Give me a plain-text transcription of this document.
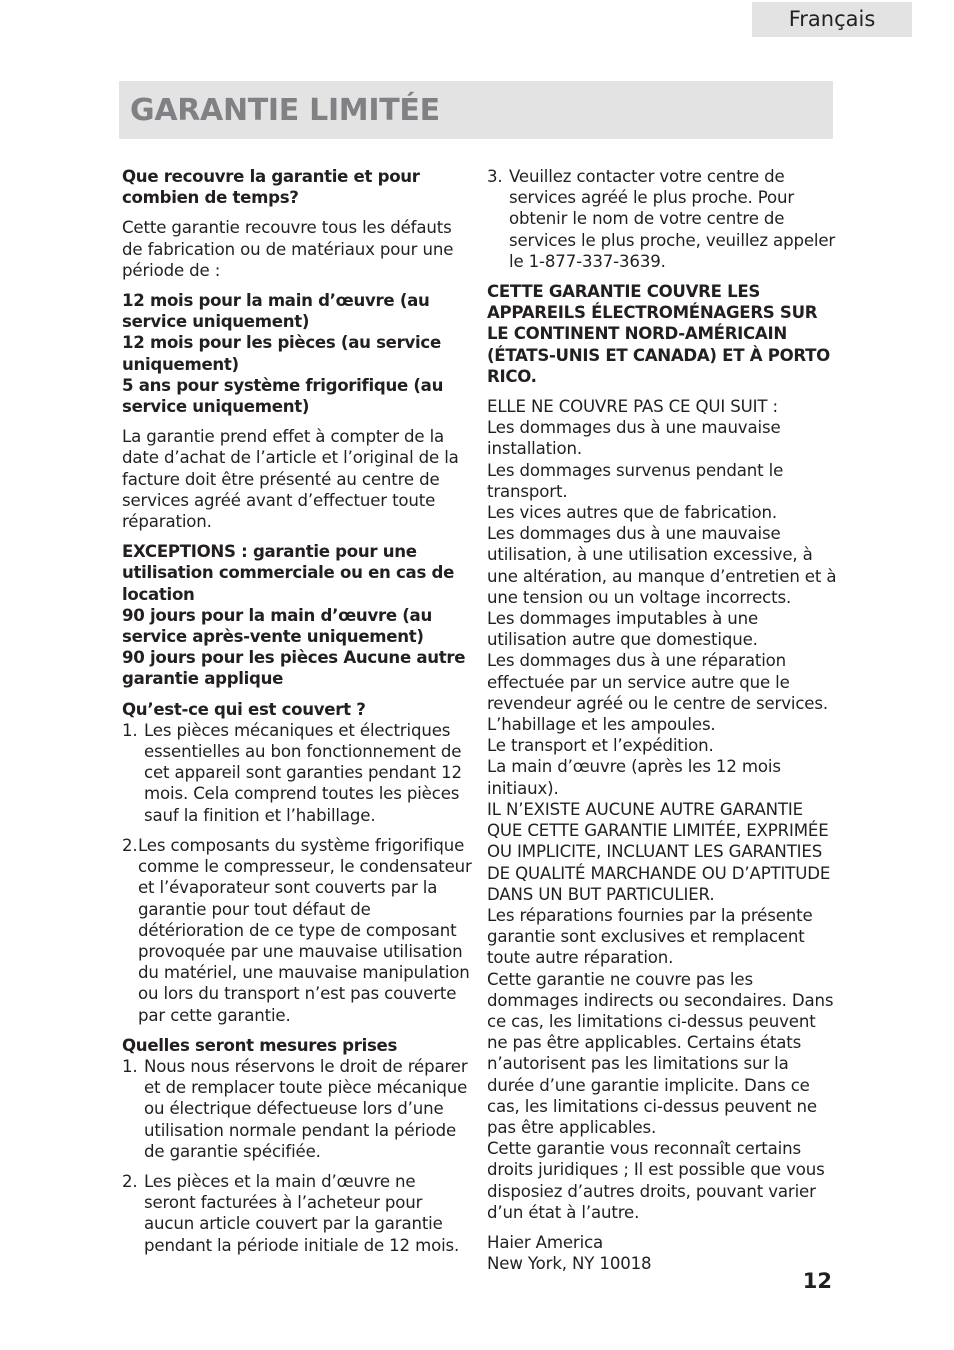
Français
GARANTIE LIMITÉE

Que recouvre la garantie et pour combien de temps?

Cette garantie recouvre tous les défauts de fabrication ou de matériaux pour une période de :

12 mois pour la main d’œuvre (au service uniquement)
12 mois pour les pièces (au service uniquement)
5 ans pour système frigorifique (au service uniquement)

La garantie prend effet à compter de la date d’achat de l’article et l’original de la facture doit être présenté au centre de services agréé avant d’effectuer toute réparation.

EXCEPTIONS : garantie pour une utilisation commerciale ou en cas de location
90 jours pour la main d’œuvre (au service après-vente uniquement)
90 jours pour les pièces Aucune autre
garantie applique

Qu’est-ce qui est couvert ?

1. Les pièces mécaniques et électriques essentielles au bon fonctionnement de cet appareil sont garanties pendant 12 mois. Cela comprend toutes les pièces sauf la finition et l’habillage.
2. Les composants du système frigorifique comme le compresseur, le condensateur et l’évaporateur sont couverts par la garantie pour tout défaut de détérioration de ce type de composant provoquée par une mauvaise utilisation du matériel, une mauvaise manipulation ou lors du transport n’est pas couverte par cette garantie.

Quelles seront mesures prises

1. Nous nous réservons le droit de réparer et de remplacer toute pièce mécanique ou électrique défectueuse lors d’une utilisation normale pendant la période de garantie spécifiée.
2. Les pièces et la main d’œuvre ne seront facturées à l’acheteur pour aucun article couvert par la garantie pendant la période initiale de 12 mois.
3. Veuillez contacter votre centre de services agréé le plus proche. Pour obtenir le nom de votre centre de services le plus proche, veuillez appeler le 1-877-337-3639.

CETTE GARANTIE COUVRE LES APPAREILS ÉLECTROMÉNAGERS SUR LE CONTINENT NORD-AMÉRICAIN (ÉTATS-UNIS ET CANADA) ET À PORTO RICO.

ELLE NE COUVRE PAS CE QUI SUIT :
Les dommages dus à une mauvaise installation.
Les dommages survenus pendant le transport.
Les vices autres que de fabrication.
Les dommages dus à une mauvaise utilisation, à une utilisation excessive, à une altération, au manque d’entretien et à une tension ou un voltage incorrects.
Les dommages imputables à une utilisation autre que domestique.
Les dommages dus à une réparation effectuée par un service autre que le revendeur agréé ou le centre de services.
L’habillage et les ampoules.
Le transport et l’expédition.
La main d’œuvre (après les 12 mois initiaux).
IL N’EXISTE AUCUNE AUTRE GARANTIE QUE CETTE GARANTIE LIMITÉE, EXPRIMÉE OU IMPLICITE, INCLUANT LES GARANTIES DE QUALITÉ MARCHANDE OU D’APTITUDE DANS UN BUT PARTICULIER.
Les réparations fournies par la présente garantie sont exclusives et remplacent toute autre réparation.
Cette garantie ne couvre pas les dommages indirects ou secondaires. Dans ce cas, les limitations ci-dessus peuvent ne pas être applicables. Certains états n’autorisent pas les limitations sur la durée d’une garantie implicite. Dans ce cas, les limitations ci-dessus peuvent ne pas être applicables.
Cette garantie vous reconnaît certains droits juridiques ; Il est possible que vous disposiez d’autres droits, pouvant varier d’un état à l’autre.

Haier America
New York, NY 10018

12
